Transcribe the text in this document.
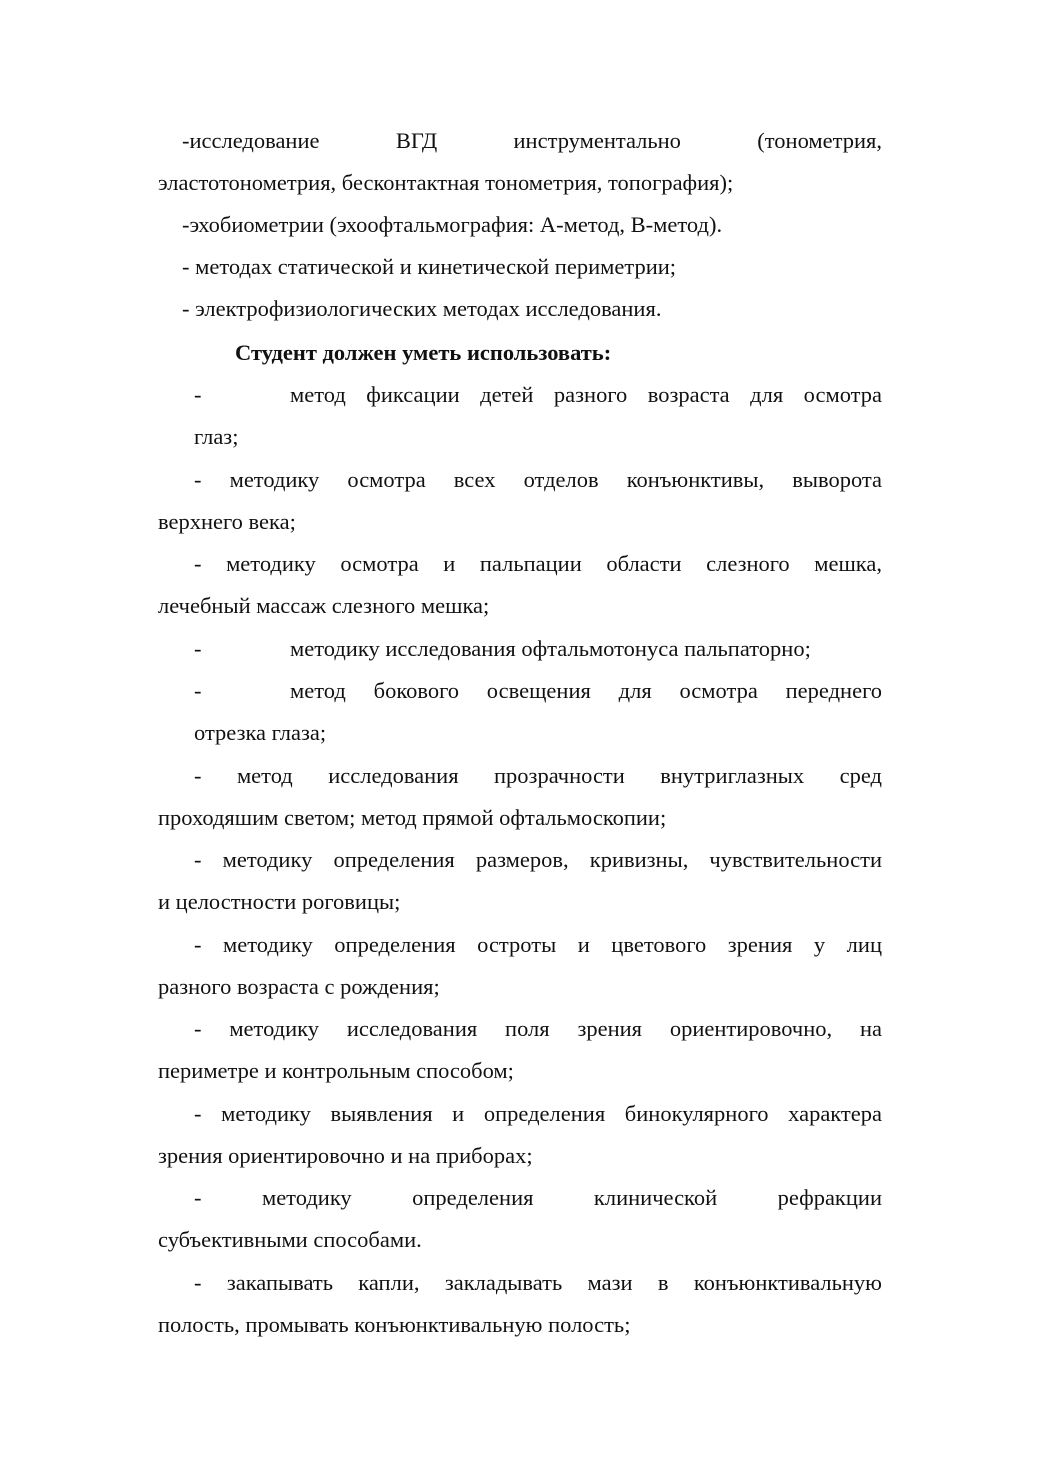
-исследование ВГД инструментально (тонометрия,
эластотонометрия, бесконтактная тонометрия, топография);
-эхобиометрии (эхоофтальмография: А-метод, В-метод).
- методах статической и кинетической периметрии;
- электрофизиологических методах исследования.
Студент должен уметь использовать:
-	метод фиксации детей разного возраста для осмотра
глаз;
- методику осмотра всех отделов конъюнктивы, выворота
верхнего века;
- методику осмотра и пальпации области слезного мешка,
лечебный массаж слезного мешка;
-	методику исследования офтальмотонуса пальпаторно;
-	метод бокового освещения для осмотра переднего
отрезка глаза;
- метод исследования прозрачности внутриглазных сред
проходяшим светом; метод прямой офтальмоскопии;
- методику определения размеров, кривизны, чувствительности
и целостности роговицы;
- методику определения остроты и цветового зрения у лиц
разного возраста с рождения;
- методику исследования поля зрения ориентировочно, на
периметре и контрольным способом;
- методику выявления и определения бинокулярного характера
зрения ориентировочно и на приборах;
- методику определения клинической рефракции
субъективными способами.
- закапывать капли, закладывать мази в конъюнктивальную
полость, промывать конъюнктивальную полость;
